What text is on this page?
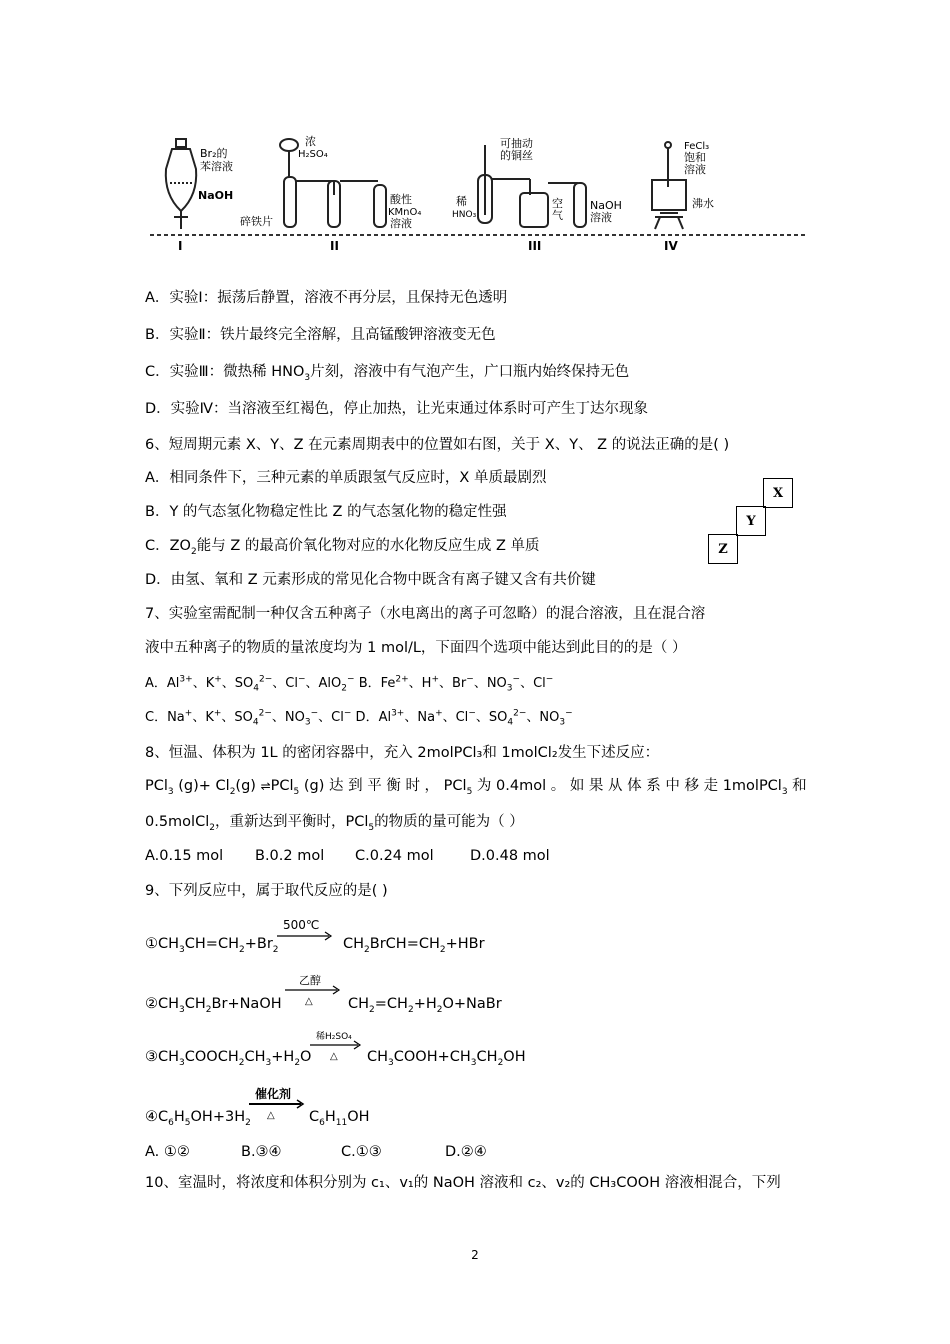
Br₂的
苯溶液
NaOH
I
浓
H₂SO₄
碎铁片
酸性
KMnO₄
溶液
II
可抽动
的铜丝
稀
HNO₃
空
气
NaOH
溶液
III
FeCl₃
饱和
溶液
沸水
IV
A．实验Ⅰ：振荡后静置，溶液不再分层，且保持无色透明
B．实验Ⅱ：铁片最终完全溶解，且高锰酸钾溶液变无色
C．实验Ⅲ：微热稀 $HNO_3$片刻，溶液中有气泡产生，广口瓶内始终保持无色
D．实验Ⅳ：当溶液至红褐色，停止加热，让光束通过体系时可产生丁达尔现象
6、短周期元素 X、Y、Z 在元素周期表中的位置如右图，关于 X、Y、 Z 的说法正确的是( )
A．相同条件下，三种元素的单质跟氢气反应时，X 单质最剧烈
B．Y 的气态氢化物稳定性比 Z 的气态氢化物的稳定性强
C．$ZO_2$能与 Z 的最高价氧化物对应的水化物反应生成 Z 单质
D．由氢、氧和 Z 元素形成的常见化合物中既含有离子键又含有共价键
X
Y
Z
7、实验室需配制一种仅含五种离子（水电离出的离子可忽略）的混合溶液，且在混合溶
液中五种离子的物质的量浓度均为 1 mol/L，下面四个选项中能达到此目的的是（ ）
A．$Al^{3+}$、K+、$SO_4^{2-}$、Cl−、AlO$_2$− B．$Fe^{2+}$、H+、Br−、$NO_3^-$、Cl−
C．Na+、K+、$SO_4^{2-}$、$NO_3^-$、Cl− D．$Al^{3+}$、Na+、Cl−、$SO_4^{2-}$、$NO_3^-$
8、恒温、体积为 1L 的密闭容器中，充入 2molPCl₃和 1molCl₂发生下述反应：
PCl$_3$ $(g)+ Cl_2(g)$ ⇌PCl$_5$ (g) 达 到 平 衡 时 ， PCl$_5$ 为 0.4mol 。 如 果 从 体 系 中 移 走 1molPCl$_3$ 和
0.5molCl$_2$，重新达到平衡时，PCl$_5$的物质的量可能为（ ）
A.0.15 mol B.0.2 mol C.0.24 mol	D.0.48 mol
9、下列反应中，属于取代反应的是( )
$①CH_3CH=CH_2+Br_2$
500℃
$CH_2BrCH=CH_2+HBr$
$②CH_3CH_2Br+NaOH$
乙醇
△ $CH_2=CH_2+H_2O+NaBr$
$③CH_3COOCH_2CH_3+H_2O$
稀H₂SO₄
△ $CH_3COOH+CH_3CH_2OH$
$④C_6H_5OH+3H_2$
催化剂
△ $C_6H_{11}OH$
A. ①②	B.③④	C.①③	D.②④
10、室温时，将浓度和体积分别为 c₁、v₁的 NaOH 溶液和 c₂、v₂的 CH₃COOH 溶液相混合，下列
2
